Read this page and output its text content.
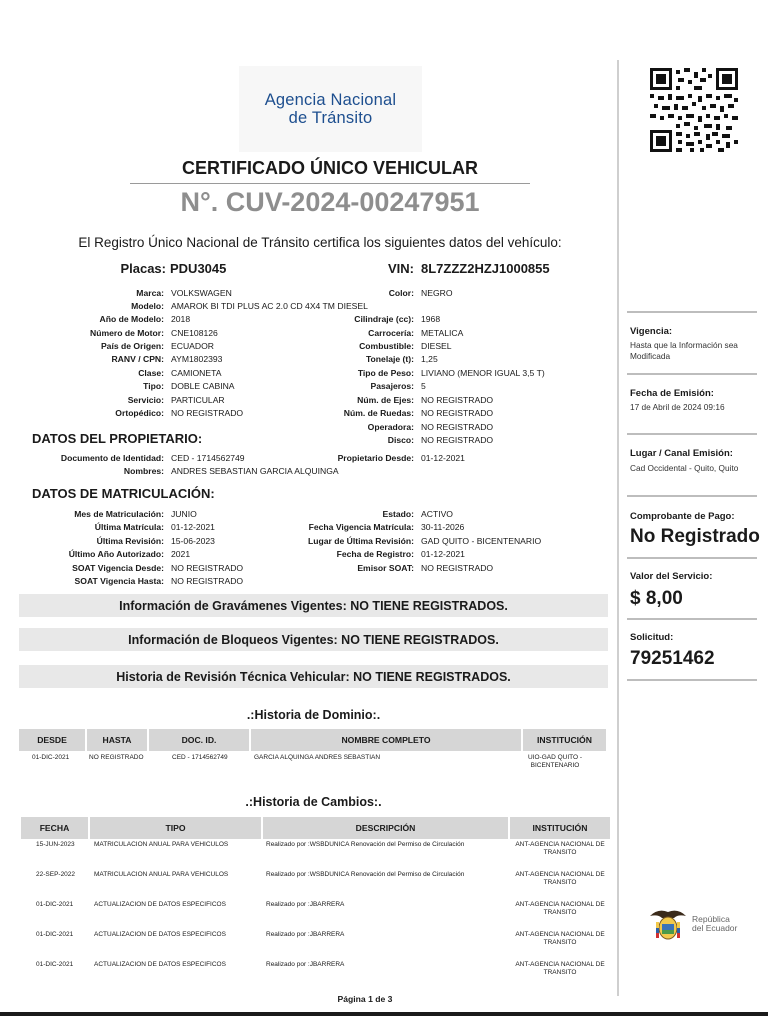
Agencia Nacional
de Tránsito
CERTIFICADO ÚNICO VEHICULAR
N°. CUV-2024-00247951
El Registro Único Nacional de Tránsito certifica los siguientes datos del vehículo:
Placas: PDU3045	VIN: 8L7ZZZ2HZJ1000855
Marca: VOLKSWAGEN
Modelo: AMAROK BI TDI PLUS AC 2.0 CD 4X4 TM DIESEL
Año de Modelo: 2018
Número de Motor: CNE108126
País de Origen: ECUADOR
RANV / CPN: AYM1802393
Clase: CAMIONETA
Tipo: DOBLE CABINA
Servicio: PARTICULAR
Ortopédico: NO REGISTRADO
Color: NEGRO
Cilindraje (cc): 1968
Carrocería: METALICA
Combustible: DIESEL
Tonelaje (t): 1,25
Tipo de Peso: LIVIANO (MENOR IGUAL 3,5 T)
Pasajeros: 5
Núm. de Ejes: NO REGISTRADO
Núm. de Ruedas: NO REGISTRADO
Operadora: NO REGISTRADO
Disco: NO REGISTRADO
DATOS DEL PROPIETARIO:
Documento de Identidad: CED - 1714562749
Nombres: ANDRES SEBASTIAN GARCIA ALQUINGA
Propietario Desde: 01-12-2021
DATOS DE MATRICULACIÓN:
Mes de Matriculación: JUNIO
Última Matrícula: 01-12-2021
Última Revisión: 15-06-2023
Último Año Autorizado: 2021
SOAT Vigencia Desde: NO REGISTRADO
SOAT Vigencia Hasta: NO REGISTRADO
Estado: ACTIVO
Fecha Vigencia Matrícula: 30-11-2026
Lugar de Última Revisión: GAD QUITO - BICENTENARIO
Fecha de Registro: 01-12-2021
Emisor SOAT: NO REGISTRADO
Información de Gravámenes Vigentes: NO TIENE REGISTRADOS.
Información de Bloqueos Vigentes: NO TIENE REGISTRADOS.
Historia de Revisión Técnica Vehicular: NO TIENE REGISTRADOS.
.:Historia de Dominio:.
DESDE	HASTA	DOC. ID.	NOMBRE COMPLETO	INSTITUCIÓN
01-DIC-2021	NO REGISTRADO	CED - 1714562749	GARCIA ALQUINGA ANDRES SEBASTIAN	UIO-GAD QUITO -
BICENTENARIO
.:Historia de Cambios:.
FECHA	TIPO	DESCRIPCIÓN	INSTITUCIÓN
15-JUN-2023	MATRICULACION ANUAL PARA VEHICULOS	Realizado por :WSBDUNICA Renovación del Permiso de Circulación	ANT-AGENCIA NACIONAL DE
TRANSITO
22-SEP-2022	MATRICULACION ANUAL PARA VEHICULOS	Realizado por :WSBDUNICA Renovación del Permiso de Circulación	ANT-AGENCIA NACIONAL DE
TRANSITO
01-DIC-2021	ACTUALIZACION DE DATOS ESPECIFICOS	Realizado por :JBARRERA	ANT-AGENCIA NACIONAL DE
TRANSITO
01-DIC-2021	ACTUALIZACION DE DATOS ESPECIFICOS	Realizado por :JBARRERA	ANT-AGENCIA NACIONAL DE
TRANSITO
01-DIC-2021	ACTUALIZACION DE DATOS ESPECIFICOS	Realizado por :JBARRERA	ANT-AGENCIA NACIONAL DE
TRANSITO
Página 1 de 3
Vigencia:
Hasta que la Información sea
Modificada
Fecha de Emisión:
17 de Abril de 2024 09:16
Lugar / Canal Emisión:
Cad Occidental - Quito, Quito
Comprobante de Pago:
No Registrado
Valor del Servicio:
$ 8,00
Solicitud:
79251462
República
del Ecuador
